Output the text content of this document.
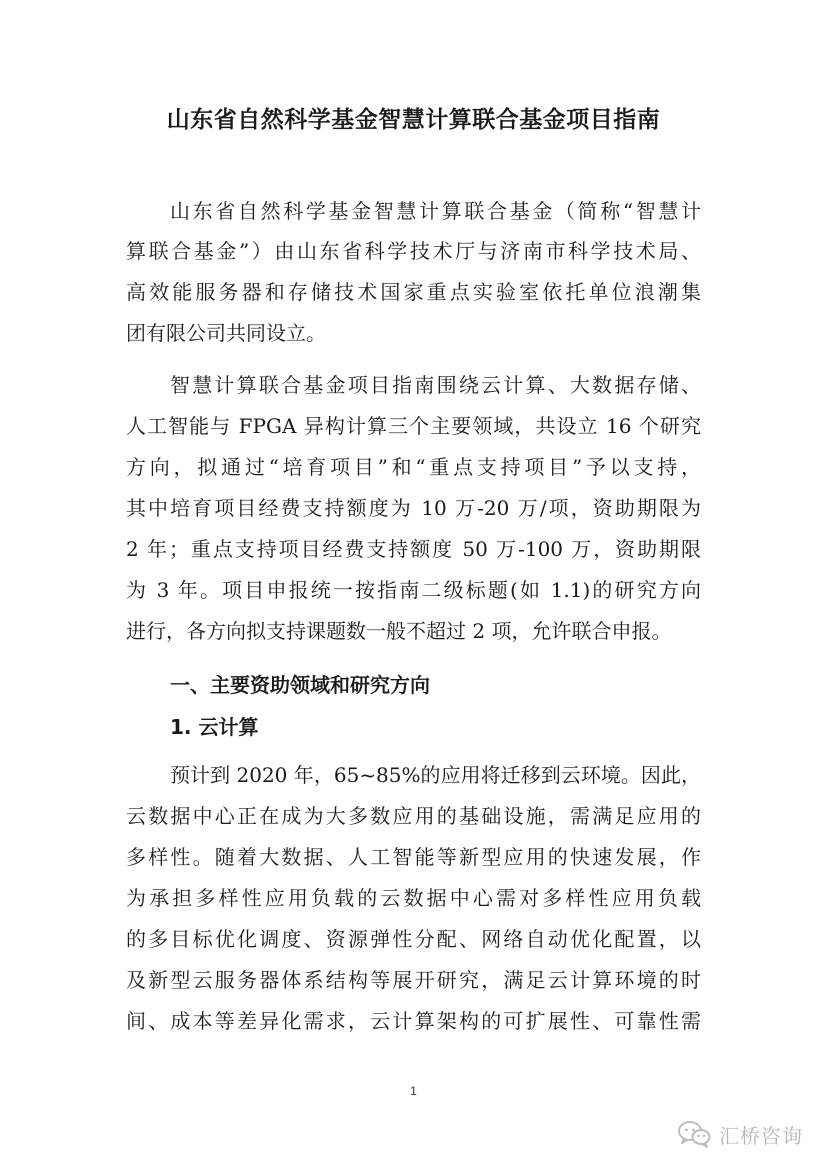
山东省自然科学基金智慧计算联合基金项目指南
山东省自然科学基金智慧计算联合基金（简称“智慧计
算联合基金”）由山东省科学技术厅与济南市科学技术局、
高效能服务器和存储技术国家重点实验室依托单位浪潮集
团有限公司共同设立。
智慧计算联合基金项目指南围绕云计算、大数据存储、
人工智能与 FPGA 异构计算三个主要领域，共设立 16 个研究
方向，拟通过“培育项目”和“重点支持项目”予以支持，
其中培育项目经费支持额度为 10 万-20 万/项，资助期限为
2 年；重点支持项目经费支持额度 50 万-100 万，资助期限
为 3 年。项目申报统一按指南二级标题(如 1.1)的研究方向
进行，各方向拟支持课题数一般不超过 2 项，允许联合申报。
一、主要资助领域和研究方向
1. 云计算
预计到 2020 年，65~85%的应用将迁移到云环境。因此，
云数据中心正在成为大多数应用的基础设施，需满足应用的
多样性。随着大数据、人工智能等新型应用的快速发展，作
为承担多样性应用负载的云数据中心需对多样性应用负载
的多目标优化调度、资源弹性分配、网络自动优化配置，以
及新型云服务器体系结构等展开研究，满足云计算环境的时
间、成本等差异化需求，云计算架构的可扩展性、可靠性需
1
汇桥咨询
